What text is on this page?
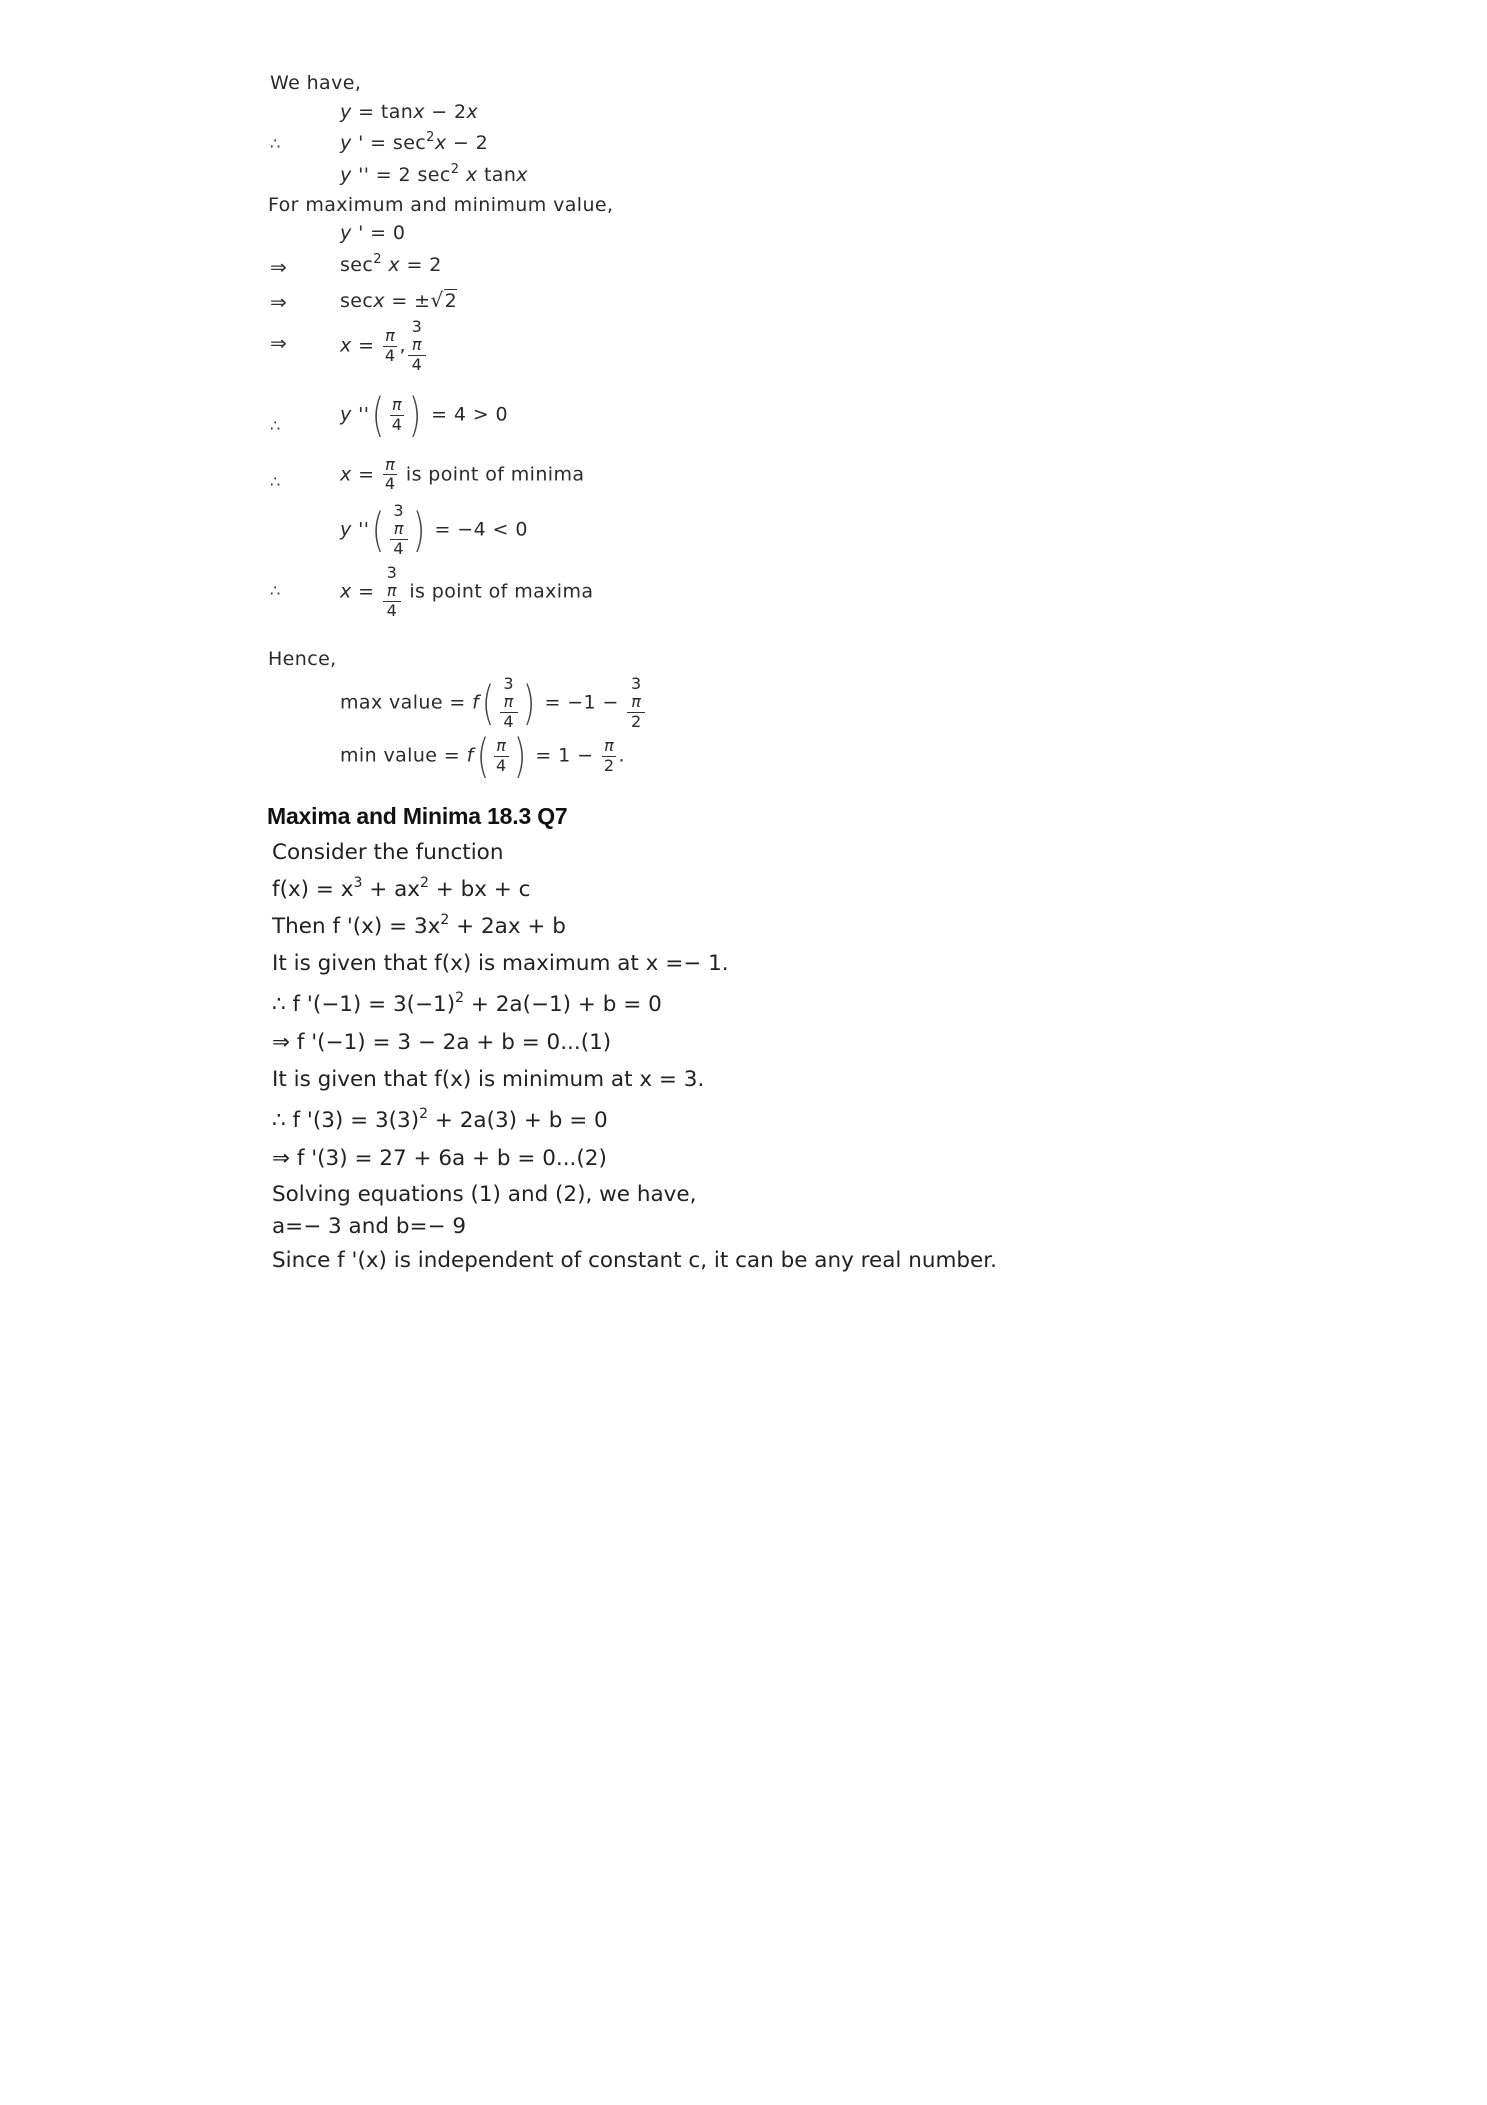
We have,
y = tanx − 2x
∴	y ' = $\sec^2x - 2$
y '' = 2 $\sec^2 x$ tanx
For maximum and minimum value,
y ' = 0
⇒	$\sec^2 x = 2$
⇒	secx = ±√2
⇒	$x = \frac{\pi}{4}$ , 3
π
4
∴	y ''( $\frac{\pi}{4}$ ) = 4 > 0
∴	$x = \frac{\pi}{4}$ is point of minima
y ''( 3
π
4 ) = −4 < 0
∴	x = 3
π
4 is point of maxima
Hence,
max value = f( 3
π
4 ) = −1 − 3
π
2
min value = $f( \frac{\pi}{4}$ ) = $1 - \frac{\pi}{2}$ .
Maxima and Minima 18.3 Q7
Consider the function
$f(x) = x^3 + ax^2$ + bx + c
Then f '$(x) = 3x^2 + 2ax + b$
It is given that f(x) is maximum at x =− 1.
∴ f '$(-1) = 3(-1)^2 + 2a(-1) + b = 0$
⇒ f '(−1) = 3 − 2a + b = 0...(1)
It is given that f(x) is minimum at x = 3.
∴ f '$(3) = 3(3)^2 + 2a(3) + b = 0$
⇒ f '(3) = 27 + 6a + b = 0...(2)
Solving equations (1) and (2), we have,
a=− 3 and b=− 9
Since f '(x) is independent of constant c, it can be any real number.
